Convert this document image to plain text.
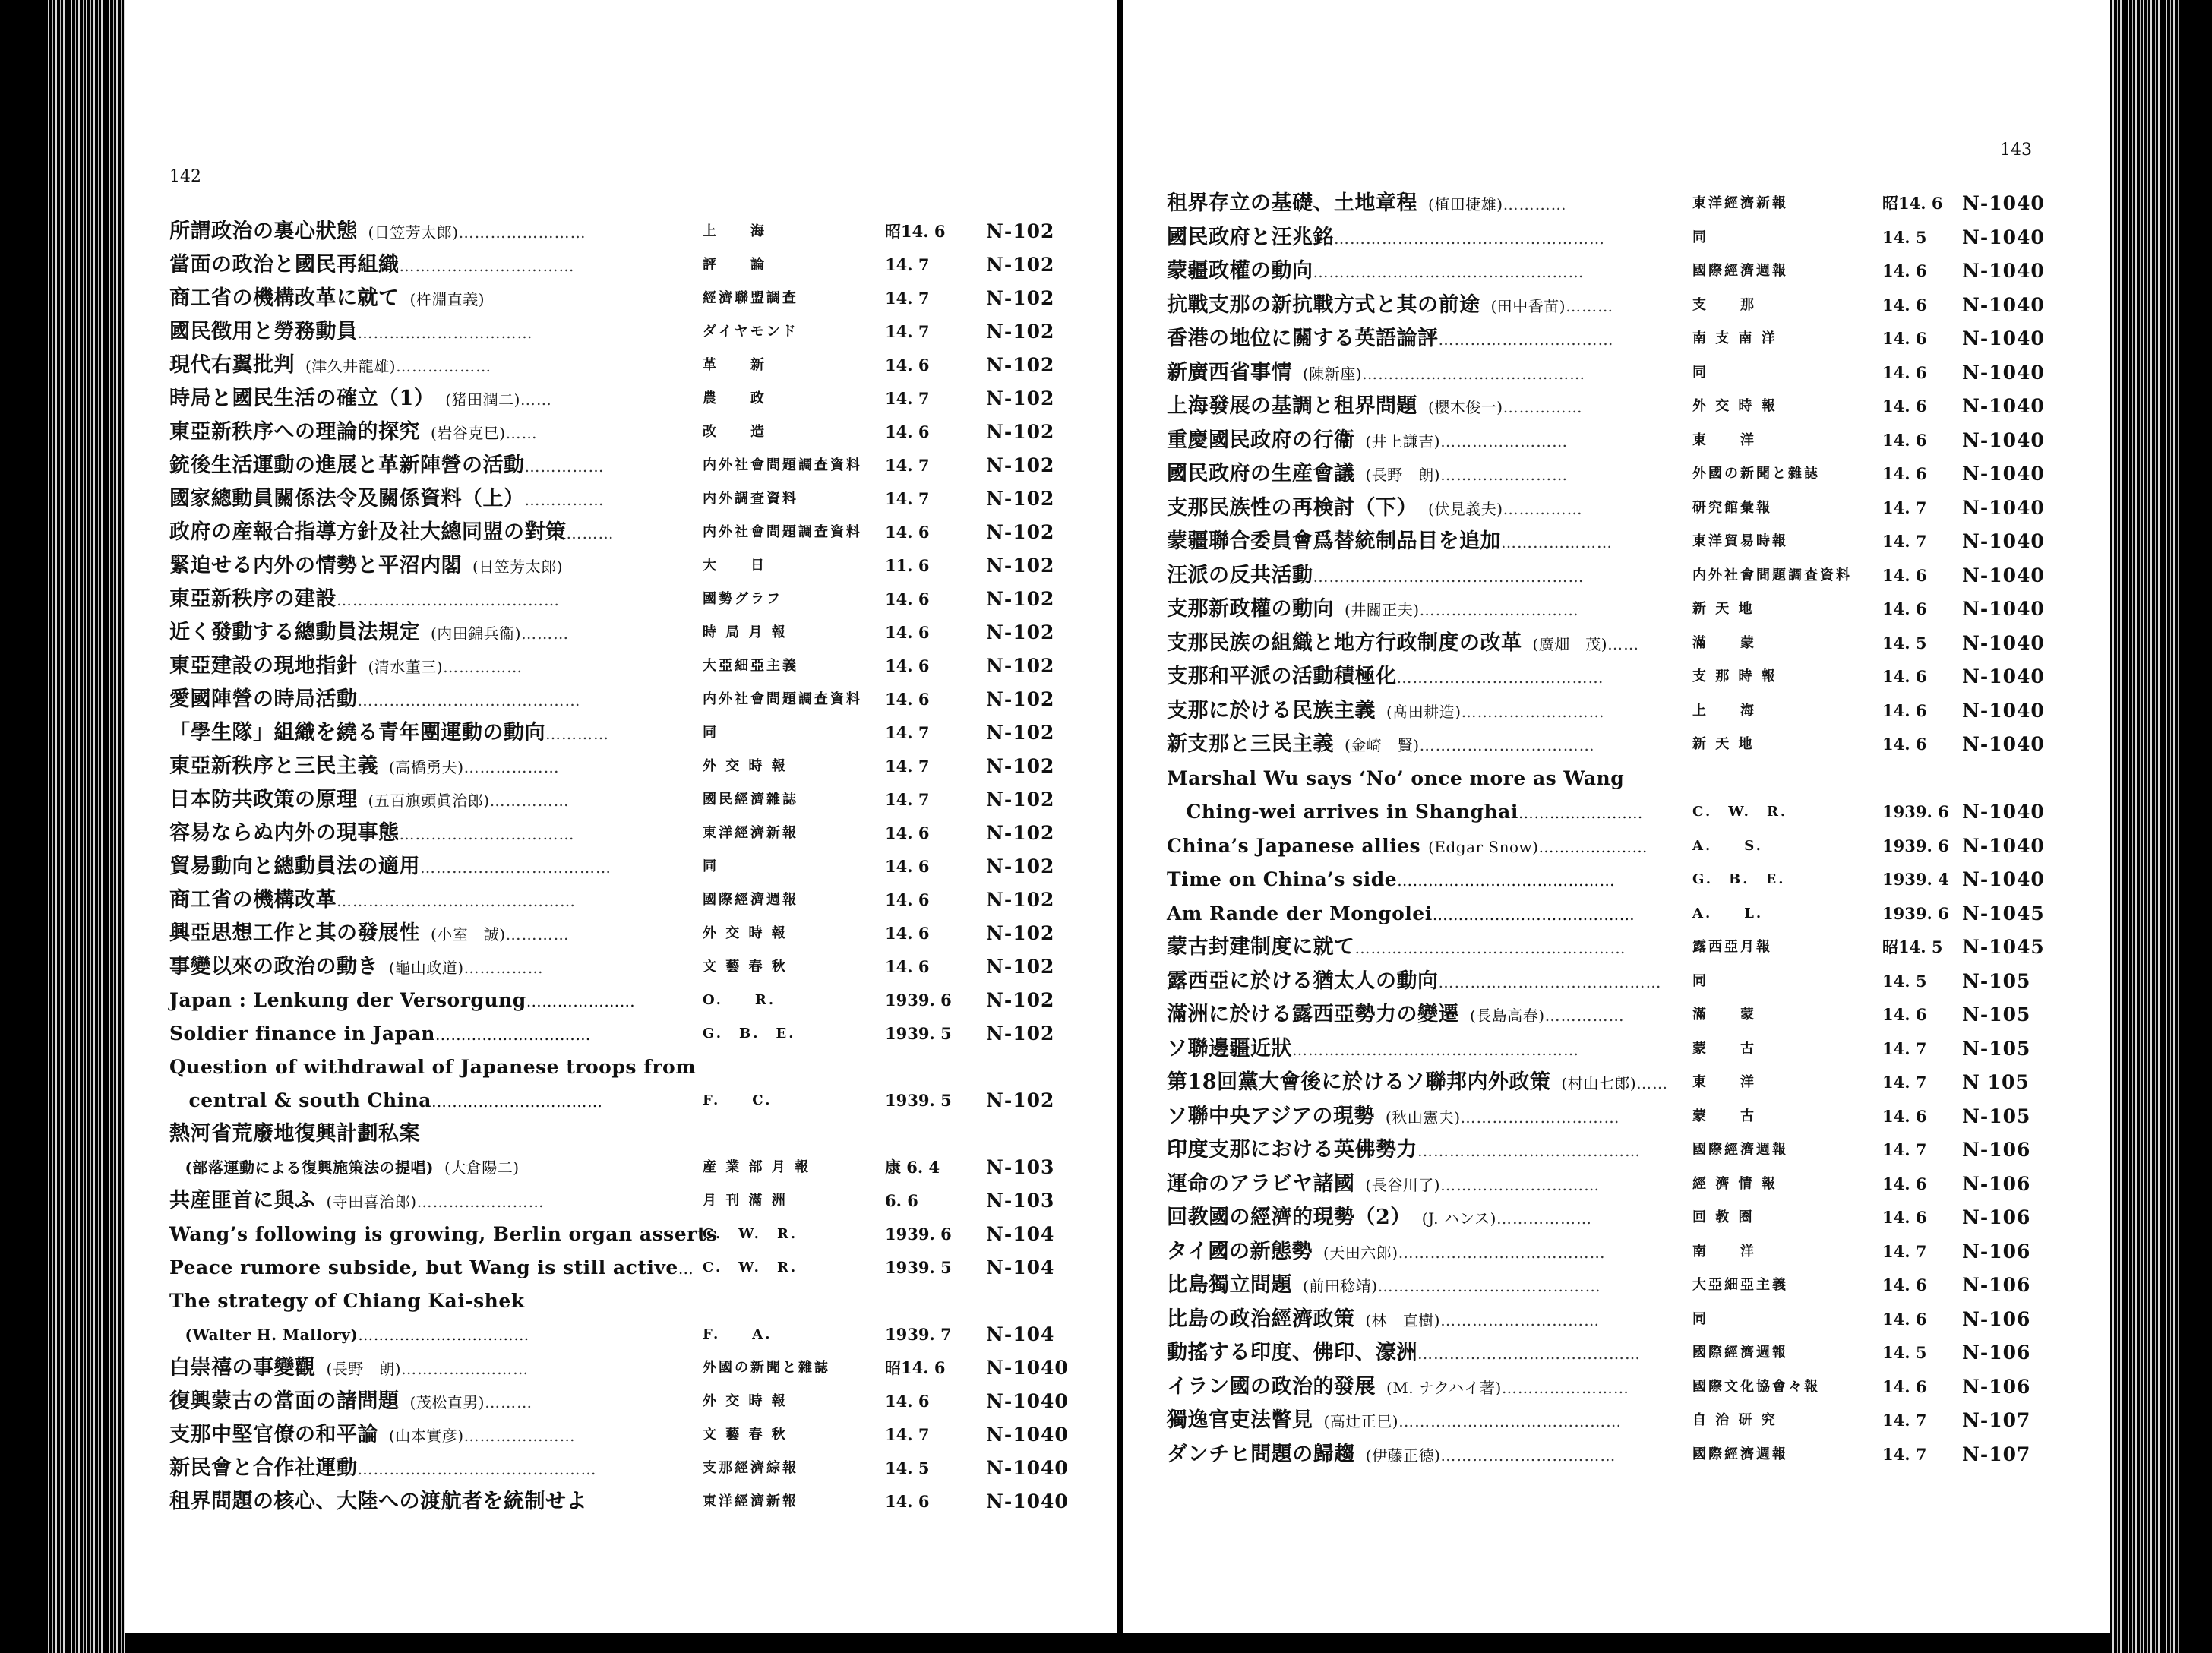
142
所謂政治の裏心狀態 (日笠芳太郎)……………………	上　　海	昭14. 6 N-102
當面の政治と國民再組織……………………………	評　　論	14. 7	N-102
商工省の機構改革に就て (杵淵直義)	經濟聯盟調査	14. 7	N-102
國民徴用と勞務動員……………………………	ダイヤモンド	14. 7	N-102
現代右翼批判 (津久井龍雄)………………	革　　新	14. 6	N-102
時局と國民生活の確立（1） (猪田潤二)……	農　　政	14. 7	N-102
東亞新秩序への理論的探究 (岩谷克巳)……	改　　造	14. 6	N-102
銃後生活運動の進展と革新陣營の活動……………	内外社會問題調査資料 14. 7	N-102
國家總動員關係法令及關係資料（上）……………	内外調査資料	14. 7	N-102
政府の産報合指導方針及社大總同盟の對策………	内外社會問題調査資料 14. 6	N-102
緊迫せる内外の情勢と平沼内閣 (日笠芳太郎)	大　　日	11. 6	N-102
東亞新秩序の建設……………………………………	國勢グラフ	14. 6	N-102
近く發動する總動員法規定 (内田錦兵衞)………	時 局 月 報	14. 6	N-102
東亞建設の現地指針 (清水董三)……………	大亞細亞主義	14. 6	N-102
愛國陣營の時局活動……………………………………	内外社會問題調査資料 14. 6	N-102
「學生隊」組織を繞る青年團運動の動向…………	同	14. 7	N-102
東亞新秩序と三民主義 (高橋勇夫)………………	外 交 時 報	14. 7	N-102
日本防共政策の原理 (五百旗頭眞治郎)……………	國民經濟雜誌	14. 7	N-102
容易ならぬ内外の現事態……………………………	東洋經濟新報	14. 6	N-102
貿易動向と總動員法の適用………………………………	同	14. 6	N-102
商工省の機構改革………………………………………	國際經濟週報	14. 6	N-102
興亞思想工作と其の發展性 (小室　誠)…………	外 交 時 報	14. 6	N-102
事變以來の政治の動き (龜山政道)……………	文 藝 春 秋	14. 6	N-102
Japan : Lenkung der Versorgung…………………	O.　　R.	1939. 6 N-102
Soldier finance in Japan…………………………	G.　B.　E.	1939. 5 N-102
Question of withdrawal of Japanese troops from
　central & south China……………………………	F.　　C.	1939. 5 N-102
熱河省荒廢地復興計劃私案
　(部落運動による復興施策法の提唱) (大倉陽二)	産 業 部 月 報	康 6. 4 N-103
共産匪首に與ふ (寺田喜治郎)……………………	月 刊 滿 洲	6. 6	N-103
Wang’s following is growing, Berlin organ asserts
C.　W.　R.	1939. 6 N-104
Peace rumore subside, but Wang is still active… C.　W.　R.	1939. 5 N-104
The strategy of Chiang Kai-shek
　(Walter H. Mallory)……………………………	F.　　A.	1939. 7 N-104
白崇禧の事變觀 (長野　朗)……………………	外國の新聞と雜誌	昭14. 6 N-1040
復興蒙古の當面の諸問題 (茂松直男)………	外 交 時 報	14. 6	N-1040
支那中堅官僚の和平論 (山本實彦)…………………	文 藝 春 秋	14. 7	N-1040
新民會と合作社運動………………………………………	支那經濟綜報	14. 5	N-1040
租界問題の核心、大陸への渡航者を統制せよ	東洋經濟新報	14. 6	N-1040
143
租界存立の基礎、土地章程 (植田捷雄)…………	東洋經濟新報	昭14. 6 N-1040
國民政府と汪兆銘……………………………………………	同	14. 5 N-1040
蒙疆政權の動向……………………………………………	國際經濟週報	14. 6 N-1040
抗戰支那の新抗戰方式と其の前途 (田中香苗)………	支　　那	14. 6 N-1040
香港の地位に關する英語論評……………………………	南 支 南 洋	14. 6 N-1040
新廣西省事情 (陳新座)……………………………………	同	14. 6 N-1040
上海發展の基調と租界問題 (櫻木俊一)……………	外 交 時 報	14. 6 N-1040
重慶國民政府の行衞 (井上謙吉)……………………	東　　洋	14. 6 N-1040
國民政府の生産會議 (長野　朗)……………………	外國の新聞と雜誌	14. 6 N-1040
支那民族性の再検討（下） (伏見義夫)……………	研究館彙報	14. 7 N-1040
蒙疆聯合委員會爲替統制品目を追加…………………	東洋貿易時報	14. 7 N-1040
汪派の反共活動……………………………………………	内外社會問題調査資料 14. 6 N-1040
支那新政權の動向 (井關正夫)…………………………	新 天 地	14. 6 N-1040
支那民族の組織と地方行政制度の改革 (廣畑　茂)……	滿　　蒙	14. 5 N-1040
支那和平派の活動積極化…………………………………	支 那 時 報	14. 6 N-1040
支那に於ける民族主義 (髙田耕造)………………………	上　　海	14. 6 N-1040
新支那と三民主義 (金崎　賢)……………………………	新 天 地	14. 6 N-1040
Marshal Wu says ‘No’ once more as Wang
　Ching-wei arrives in Shanghai……………………	C.　W.　R.	1939. 6 N-1040
China’s Japanese allies (Edgar Snow)…………………	A.　　S.	1939. 6 N-1040
Time on China’s side……………………………………	G.　B.　E.	1939. 4 N-1040
Am Rande der Mongolei…………………………………	A.　　L.	1939. 6 N-1045
蒙古封建制度に就て……………………………………………	露西亞月報	昭14. 5 N-1045
露西亞に於ける猶太人の動向…………………………………… 同	14. 5 N-105
滿洲に於ける露西亞勢力の變遷 (長島高春)……………	滿　　蒙	14. 6 N-105
ソ聯邊疆近狀………………………………………………	蒙　　古	14. 7 N-105
第18回黨大會後に於けるソ聯邦内外政策 (村山七郎)…… 東　　洋	14. 7 N 105
ソ聯中央アジアの現勢 (秋山憲夫)…………………………	蒙　　古	14. 6 N-105
印度支那における英佛勢力……………………………………	國際經濟週報	14. 7 N-106
運命のアラビヤ諸國 (長谷川了)…………………………	經 濟 情 報	14. 6 N-106
回教國の經濟的現勢（2） (J. ハンス)………………	回 教 圏	14. 6 N-106
タイ國の新態勢 (天田六郎)…………………………………	南　　洋	14. 7 N-106
比島獨立問題 (前田稔靖)……………………………………	大亞細亞主義	14. 6 N-106
比島の政治經濟政策 (林　直樹)…………………………	同	14. 6 N-106
動搖する印度、佛印、濠洲……………………………………	國際經濟週報	14. 5 N-106
イラン國の政治的發展 (M. ナクハイ著)……………………	國際文化協會々報	14. 6 N-106
獨逸官吏法瞥見 (高辻正巳)……………………………………	自 治 研 究	14. 7 N-107
ダンチヒ問題の歸趨 (伊藤正徳)……………………………	國際經濟週報	14. 7 N-107
